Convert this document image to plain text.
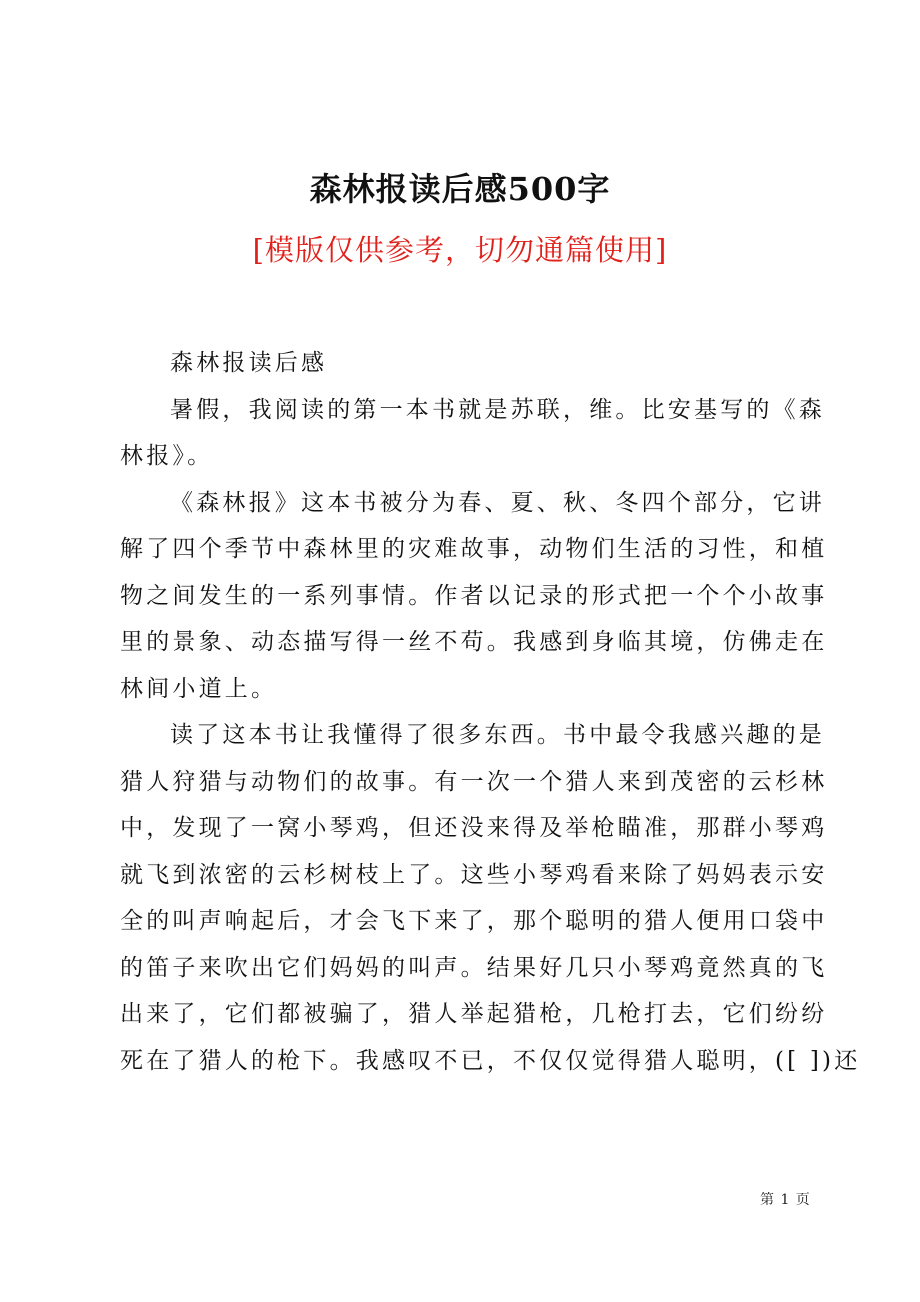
森林报读后感500字
[模版仅供参考，切勿通篇使用]
森林报读后感
暑假，我阅读的第一本书就是苏联，维。比安基写的《森
林报》。
《森林报》这本书被分为春、夏、秋、冬四个部分，它讲
解了四个季节中森林里的灾难故事，动物们生活的习性，和植
物之间发生的一系列事情。作者以记录的形式把一个个小故事
里的景象、动态描写得一丝不苟。我感到身临其境，仿佛走在
林间小道上。
读了这本书让我懂得了很多东西。书中最令我感兴趣的是
猎人狩猎与动物们的故事。有一次一个猎人来到茂密的云杉林
中，发现了一窝小琴鸡，但还没来得及举枪瞄准，那群小琴鸡
就飞到浓密的云杉树枝上了。这些小琴鸡看来除了妈妈表示安
全的叫声响起后，才会飞下来了，那个聪明的猎人便用口袋中
的笛子来吹出它们妈妈的叫声。结果好几只小琴鸡竟然真的飞
出来了，它们都被骗了，猎人举起猎枪，几枪打去，它们纷纷
死在了猎人的枪下。我感叹不已，不仅仅觉得猎人聪明，([ ])还
第 1 页
